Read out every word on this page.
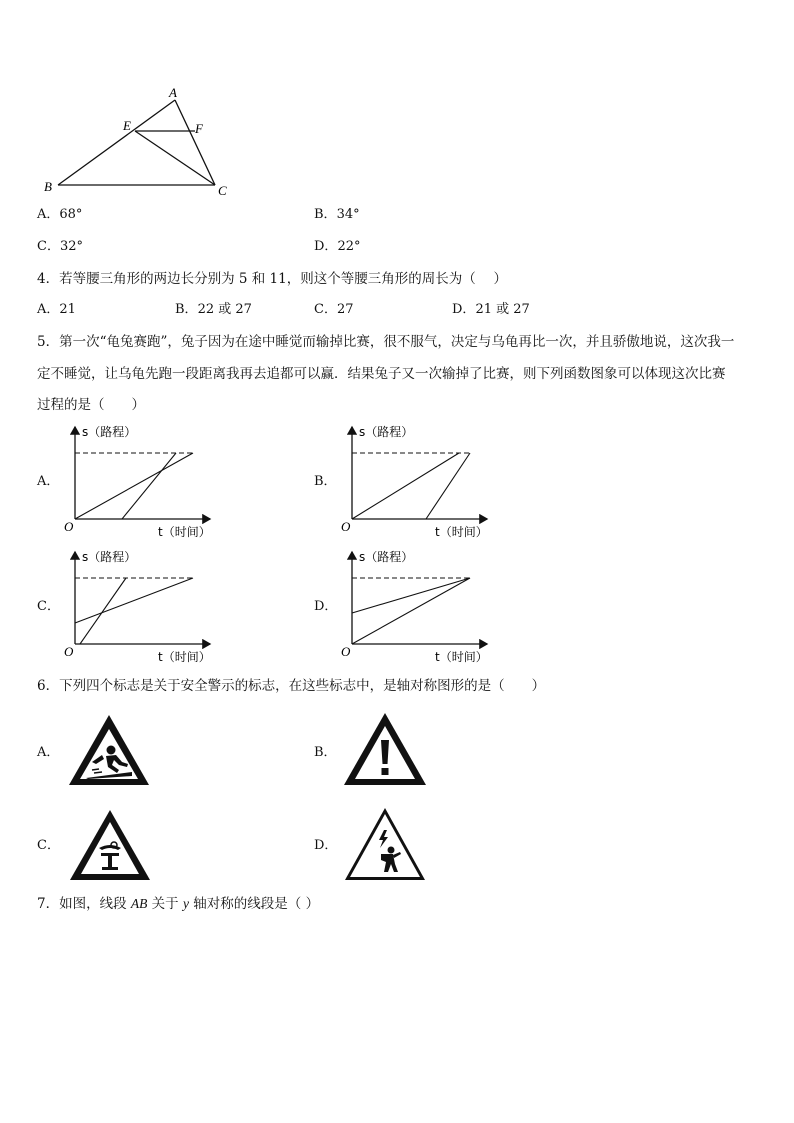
A
E	F
B	C
A．68°	B．34°
C．32°	D．22°
4．若等腰三角形的两边长分别为 5 和 11，则这个等腰三角形的周长为（　 ）
A．21	B．22 或 27	C．27	D．21 或 27
5．第一次“龟兔赛跑”，兔子因为在途中睡觉而输掉比赛，很不服气，决定与乌龟再比一次，并且骄傲地说，这次我一
定不睡觉，让乌龟先跑一段距离我再去追都可以赢．结果兔子又一次输掉了比赛，则下列函数图象可以体现这次比赛
过程的是（　　）
A．	B．
C．	D．
s（路程）
t（时间）
O
s（路程）
t（时间）
O
s（路程）
t（时间）
O
s（路程）
t（时间）
O
6．下列四个标志是关于安全警示的标志，在这些标志中，是轴对称图形的是（　　）
A．	B．
C．	D．
7．如图，线段 AB 关于 y 轴对称的线段是（ ）
